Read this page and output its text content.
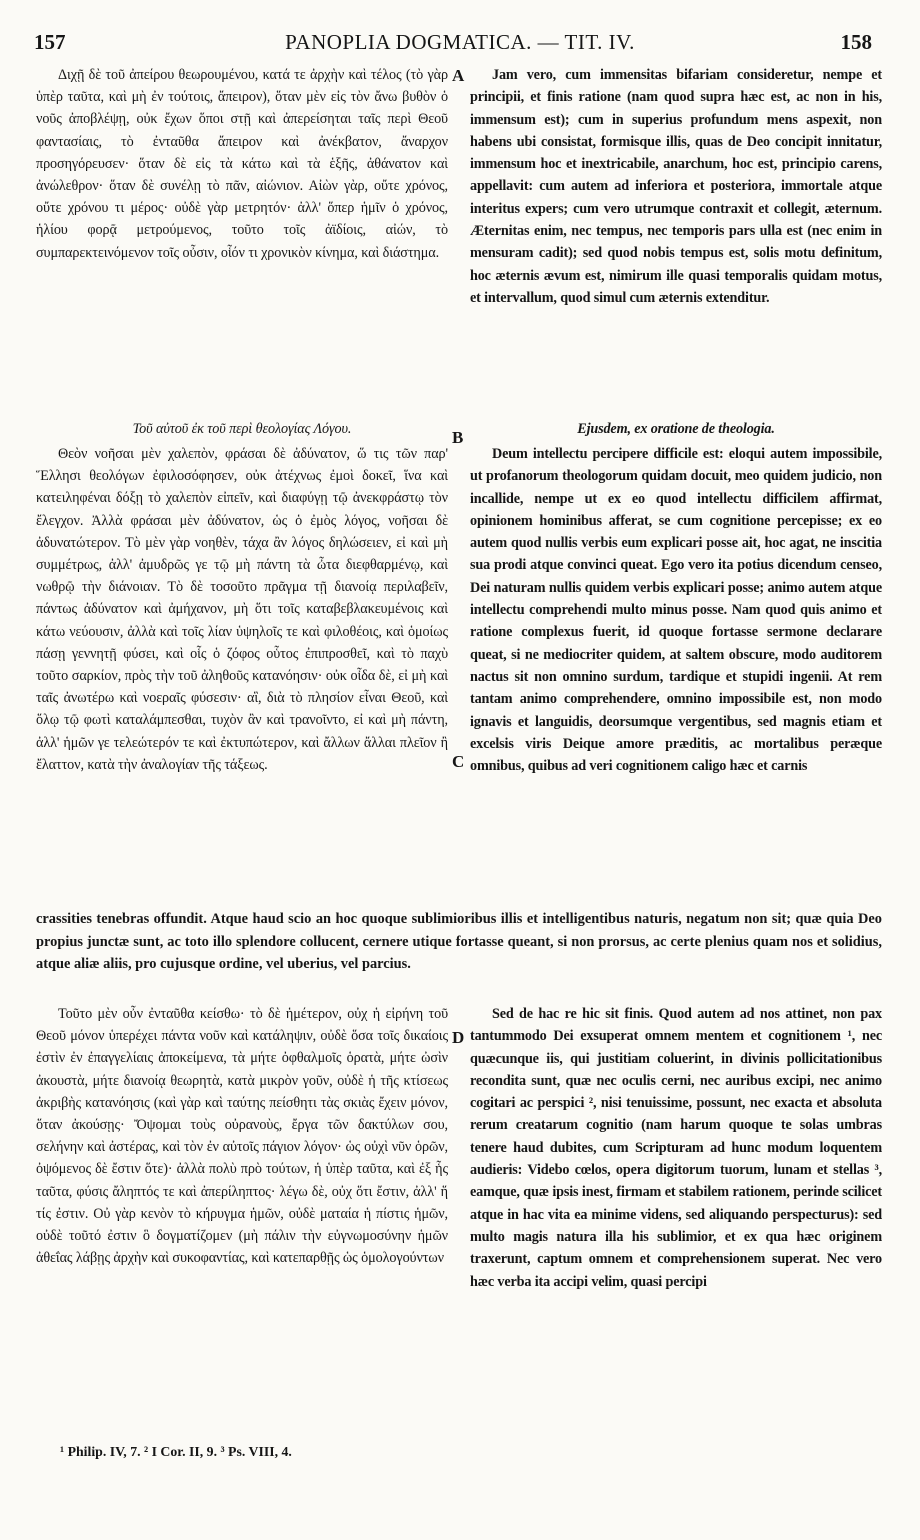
157	PANOPLIA DOGMATICA. — TIT. IV.	158

Διχῇ δὲ τοῦ ἀπείρου θεωρουμένου, κατά τε ἀρχὴν καὶ τέλος (τὸ γὰρ ὑπὲρ ταῦτα, καὶ μὴ ἐν τούτοις, ἄπειρον), ὅταν μὲν εἰς τὸν ἄνω βυθὸν ὁ νοῦς ἀποβλέψῃ, οὐκ ἔχων ὅποι στῇ καὶ ἀπερείσηται ταῖς περὶ Θεοῦ φαντασίαις, τὸ ἐνταῦθα ἄπειρον καὶ ἀνέκβατον, ἄναρχον προσηγόρευσεν· ὅταν δὲ εἰς τὰ κάτω καὶ τὰ ἑξῆς, ἀθάνατον καὶ ἀνώλεθρον· ὅταν δὲ συνέλῃ τὸ πᾶν, αἰώνιον. Αἰὼν γὰρ, οὔτε χρόνος, οὔτε χρόνου τι μέρος· οὐδὲ γὰρ μετρητόν· ἀλλ' ὅπερ ἡμῖν ὁ χρόνος, ἡλίου φορᾷ μετρούμενος, τοῦτο τοῖς ἀϊδίοις, αἰών, τὸ συμπαρεκτεινόμενον τοῖς οὖσιν, οἷόν τι χρονικὸν κίνημα, καὶ διάστημα.

Τοῦ αὐτοῦ ἐκ τοῦ περὶ θεολογίας Λόγου.

Θεὸν νοῆσαι μὲν χαλεπὸν, φράσαι δὲ ἀδύνατον, ὥ τις τῶν παρ' Ἕλλησι θεολόγων ἐφιλοσόφησεν, οὐκ ἀτέχνως ἐμοὶ δοκεῖ, ἵνα καὶ κατειληφέναι δόξῃ τὸ χαλεπὸν εἰπεῖν, καὶ διαφύγῃ τῷ ἀνεκφράστῳ τὸν ἔλεγχον. Ἀλλὰ φράσαι μὲν ἀδύνατον, ὡς ὁ ἐμὸς λόγος, νοῆσαι δὲ ἀδυνατώτερον. Τὸ μὲν γὰρ νοηθὲν, τάχα ἂν λόγος δηλώσειεν, εἰ καὶ μὴ συμμέτρως, ἀλλ' ἀμυδρῶς γε τῷ μὴ πάντη τὰ ὦτα διεφθαρμένῳ, καὶ νωθρῷ τὴν διάνοιαν. Τὸ δὲ τοσοῦτο πρᾶγμα τῇ διανοίᾳ περιλαβεῖν, πάντως ἀδύνατον καὶ ἀμήχανον, μὴ ὅτι τοῖς καταβεβλακευμένοις καὶ κάτω νεύουσιν, ἀλλὰ καὶ τοῖς λίαν ὑψηλοῖς τε καὶ φιλοθέοις, καὶ ὁμοίως πάσῃ γεννητῇ φύσει, καὶ οἷς ὁ ζόφος οὗτος ἐπιπροσθεῖ, καὶ τὸ παχὺ τοῦτο σαρκίον, πρὸς τὴν τοῦ ἀληθοῦς κατανόησιν· οὐκ οἶδα δὲ, εἰ μὴ καὶ ταῖς ἀνωτέρω καὶ νοεραῖς φύσεσιν· αἳ, διὰ τὸ πλησίον εἶναι Θεοῦ, καὶ ὅλῳ τῷ φωτὶ καταλάμπεσθαι, τυχὸν ἂν καὶ τρανοῖντο, εἰ καὶ μὴ πάντη, ἀλλ' ἡμῶν γε τελεώτερόν τε καὶ ἐκτυπώτερον, καὶ ἄλλων ἄλλαι πλεῖον ἢ ἔλαττον, κατὰ τὴν ἀναλογίαν τῆς τάξεως.

Jam vero, cum immensitas bifariam consideretur, nempe et principii, et finis ratione (nam quod supra hæc est, ac non in his, immensum est); cum in superius profundum mens aspexit, non habens ubi consistat, formisque illis, quas de Deo concipit innitatur, immensum hoc et inextricabile, anarchum, hoc est, principio carens, appellavit: cum autem ad inferiora et posteriora, immortale atque interitus expers; cum vero utrumque contraxit et collegit, æternum. Æternitas enim, nec tempus, nec temporis pars ulla est (nec enim in mensuram cadit); sed quod nobis tempus est, solis motu definitum, hoc æternis ævum est, nimirum ille quasi temporalis quidam motus, et intervallum, quod simul cum æternis extenditur.

Ejusdem, ex oratione de theologia.

Deum intellectu percipere difficile est: eloqui autem impossibile, ut profanorum theologorum quidam docuit, meo quidem judicio, non incallide, nempe ut ex eo quod intellectu difficilem affirmat, opinionem hominibus afferat, se cum cognitione percepisse; ex eo autem quod nullis verbis eum explicari posse ait, hoc agat, ne inscitia sua prodi atque convinci queat. Ego vero ita potius dicendum censeo, Dei naturam nullis quidem verbis explicari posse; animo autem atque intellectu comprehendi multo minus posse. Nam quod quis animo et ratione complexus fuerit, id quoque fortasse sermone declarare queat, si ne mediocriter quidem, at saltem obscure, modo auditorem nactus sit non omnino surdum, tardique et stupidi ingenii. At rem tantam animo comprehendere, omnino impossibile est, non modo ignavis et languidis, deorsumque vergentibus, sed magnis etiam et excelsis viris Deique amore præditis, ac mortalibus peræque omnibus, quibus ad veri cognitionem caligo hæc et carnis

crassities tenebras offundit. Atque haud scio an hoc quoque sublimioribus illis et intelligentibus naturis, negatum non sit; quæ quia Deo propius junctæ sunt, ac toto illo splendore collucent, cernere utique fortasse queant, si non prorsus, ac certe plenius quam nos et solidius, atque aliæ aliis, pro cujusque ordine, vel uberius, vel parcius.

Τοῦτο μὲν οὖν ἐνταῦθα κείσθω· τὸ δὲ ἡμέτερον, οὐχ ἡ εἰρήνη τοῦ Θεοῦ μόνον ὑπερέχει πάντα νοῦν καὶ κατάληψιν, οὐδὲ ὅσα τοῖς δικαίοις ἐστὶν ἐν ἐπαγγελίαις ἀποκείμενα, τὰ μήτε ὀφθαλμοῖς ὁρατὰ, μήτε ὠσὶν ἀκουστὰ, μήτε διανοίᾳ θεωρητὰ, κατὰ μικρὸν γοῦν, οὐδὲ ἡ τῆς κτίσεως ἀκριβὴς κατανόησις (καὶ γὰρ καὶ ταύτης πείσθητι τὰς σκιὰς ἔχειν μόνον, ὅταν ἀκούσῃς· Ὄψομαι τοὺς οὐρανοὺς, ἔργα τῶν δακτύλων σου, σελήνην καὶ ἀστέρας, καὶ τὸν ἐν αὐτοῖς πάγιον λόγον· ὡς οὐχὶ νῦν ὁρῶν, ὀψόμενος δὲ ἔστιν ὅτε)· ἀλλὰ πολὺ πρὸ τούτων, ἡ ὑπὲρ ταῦτα, καὶ ἐξ ἧς ταῦτα, φύσις ἄληπτός τε καὶ ἀπερίληπτος· λέγω δὲ, οὐχ ὅτι ἔστιν, ἀλλ' ἥ τίς ἐστιν. Οὐ γὰρ κενὸν τὸ κήρυγμα ἡμῶν, οὐδὲ ματαία ἡ πίστις ἡμῶν, οὐδὲ τοῦτό ἐστιν ὃ δογματίζομεν (μὴ πάλιν τὴν εὐγνωμοσύνην ἡμῶν ἀθεΐας λάβῃς ἀρχὴν καὶ συκοφαντίας, καὶ κατεπαρθῇς ὡς ὁμολογούντων

Sed de hac re hic sit finis. Quod autem ad nos attinet, non pax tantummodo Dei exsuperat omnem mentem et cognitionem ¹, nec quæcunque iis, qui justitiam coluerint, in divinis pollicitationibus recondita sunt, quæ nec oculis cerni, nec auribus excipi, nec animo cogitari ac perspici ², nisi tenuissime, possunt, nec exacta et absoluta rerum creatarum cognitio (nam harum quoque te solas umbras tenere haud dubites, cum Scripturam ad hunc modum loquentem audieris: Videbo cœlos, opera digitorum tuorum, lunam et stellas ³, eamque, quæ ipsis inest, firmam et stabilem rationem, perinde scilicet atque in hac vita ea minime videns, sed aliquando perspecturus): sed multo magis natura illa his sublimior, et ex qua hæc originem traxerunt, captum omnem et comprehensionem superat. Nec vero hæc verba ita accipi velim, quasi percipi

¹ Philip. IV, 7. ² I Cor. II, 9. ³ Ps. VIII, 4.

A
B
C
D
